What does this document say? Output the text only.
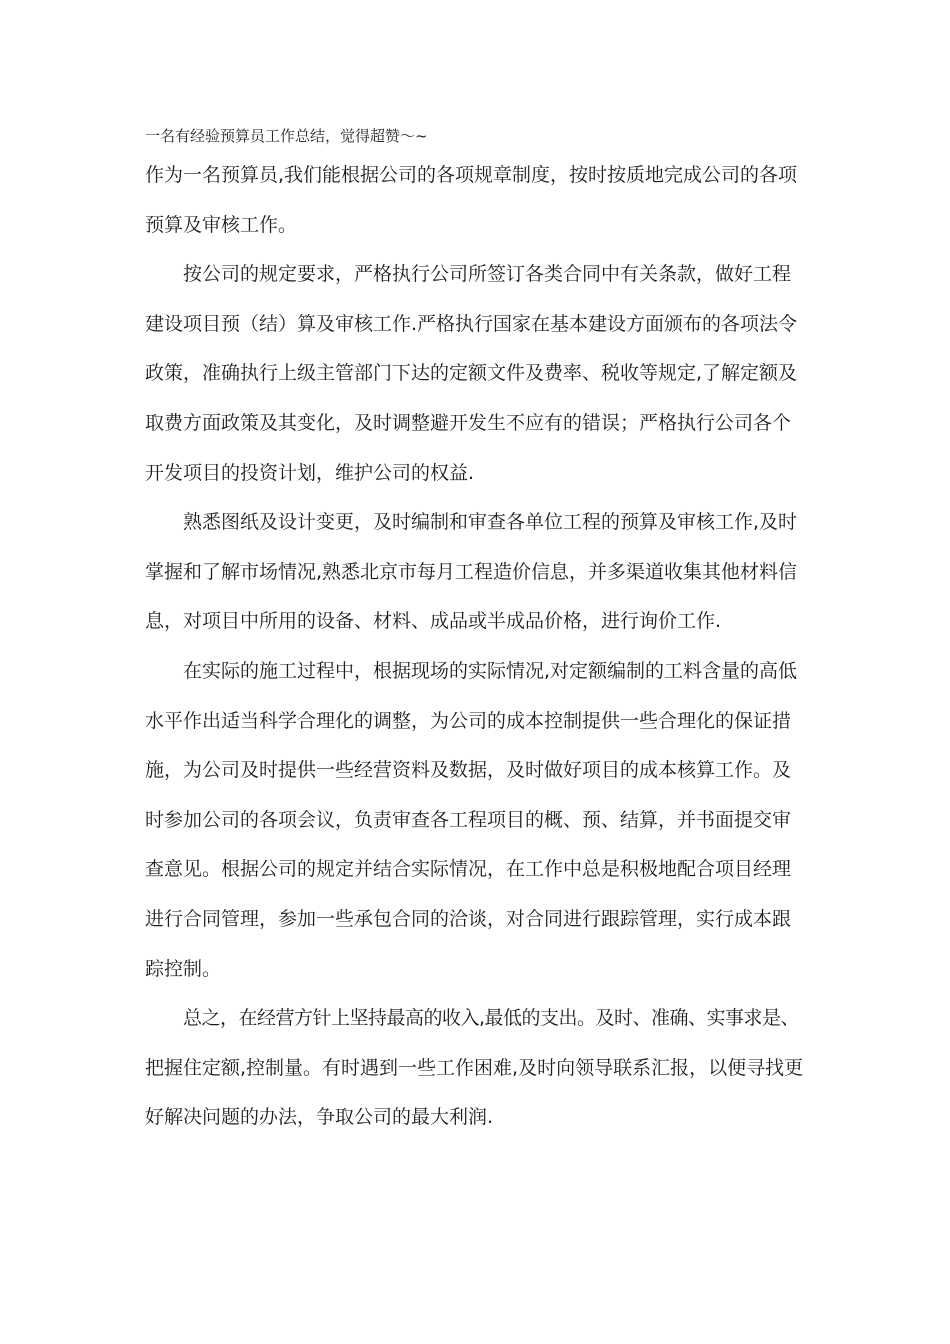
一名有经验预算员工作总结，觉得超赞～~
作为一名预算员,我们能根据公司的各项规章制度，按时按质地完成公司的各项
预算及审核工作。
按公司的规定要求，严格执行公司所签订各类合同中有关条款，做好工程
建设项目预（结）算及审核工作.严格执行国家在基本建设方面颁布的各项法令
政策，准确执行上级主管部门下达的定额文件及费率、税收等规定,了解定额及
取费方面政策及其变化，及时调整避开发生不应有的错误；严格执行公司各个
开发项目的投资计划，维护公司的权益.
熟悉图纸及设计变更，及时编制和审查各单位工程的预算及审核工作,及时
掌握和了解市场情况,熟悉北京市每月工程造价信息，并多渠道收集其他材料信
息，对项目中所用的设备、材料、成品或半成品价格，进行询价工作.
在实际的施工过程中，根据现场的实际情况,对定额编制的工料含量的高低
水平作出适当科学合理化的调整，为公司的成本控制提供一些合理化的保证措
施，为公司及时提供一些经营资料及数据，及时做好项目的成本核算工作。及
时参加公司的各项会议，负责审查各工程项目的概、预、结算，并书面提交审
查意见。根据公司的规定并结合实际情况，在工作中总是积极地配合项目经理
进行合同管理，参加一些承包合同的洽谈，对合同进行跟踪管理，实行成本跟
踪控制。
总之，在经营方针上坚持最高的收入,最低的支出。及时、准确、实事求是、
把握住定额,控制量。有时遇到一些工作困难,及时向领导联系汇报，以便寻找更
好解决问题的办法，争取公司的最大利润.
